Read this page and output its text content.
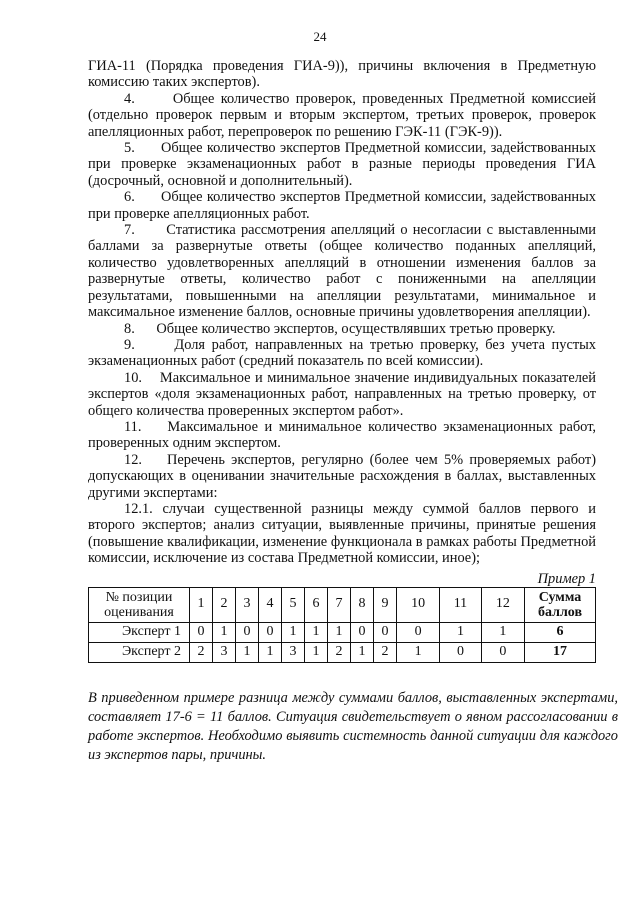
24

ГИА-11 (Порядка проведения ГИА-9)), причины включения в Предметную комиссию таких экспертов).

4.      Общее количество проверок, проведенных Предметной комиссией (отдельно проверок первым и вторым экспертом, третьих проверок, проверок апелляционных работ, перепроверок по решению ГЭК-11 (ГЭК-9)).

5.      Общее количество экспертов Предметной комиссии, задействованных при проверке экзаменационных работ в разные периоды проведения ГИА (досрочный, основной и дополнительный).

6.      Общее количество экспертов Предметной комиссии, задействованных при проверке апелляционных работ.

7.      Статистика рассмотрения апелляций о несогласии с выставленными баллами за развернутые ответы (общее количество поданных апелляций, количество удовлетворенных апелляций в отношении изменения баллов за развернутые ответы, количество работ с пониженными на апелляции результатами, повышенными на апелляции результатами, минимальное и максимальное изменение баллов, основные причины удовлетворения апелляции).

8.      Общее количество экспертов, осуществлявших третью проверку.

9.      Доля работ, направленных на третью проверку, без учета пустых экзаменационных работ (средний показатель по всей комиссии).

10.    Максимальное и минимальное значение индивидуальных показателей экспертов «доля экзаменационных работ, направленных на третью проверку, от общего количества проверенных экспертом работ».

11.    Максимальное и минимальное количество экзаменационных работ, проверенных одним экспертом.

12.    Перечень экспертов, регулярно (более чем 5% проверяемых работ) допускающих в оценивании значительные расхождения в баллах, выставленных другими экспертами:

12.1. случаи существенной разницы между суммой баллов первого и второго экспертов; анализ ситуации, выявленные причины, принятые решения (повышение квалификации, изменение функционала в рамках работы Предметной комиссии, исключение из состава Предметной комиссии, иное);

Пример 1
№ позиции оценивания	1	2	3	4	5	6	7	8	9	10	11	12	Сумма баллов
Эксперт 1	0	1	0	0	1	1	1	0	0	0	1	1	6
Эксперт 2	2	3	1	1	3	1	2	1	2	1	0	0	17

В приведенном примере разница между суммами баллов, выставленных экспертами, составляет 17-6 = 11 баллов. Ситуация свидетельствует о явном рассогласовании в работе экспертов. Необходимо выявить системность данной ситуации для каждого из экспертов пары, причины.
